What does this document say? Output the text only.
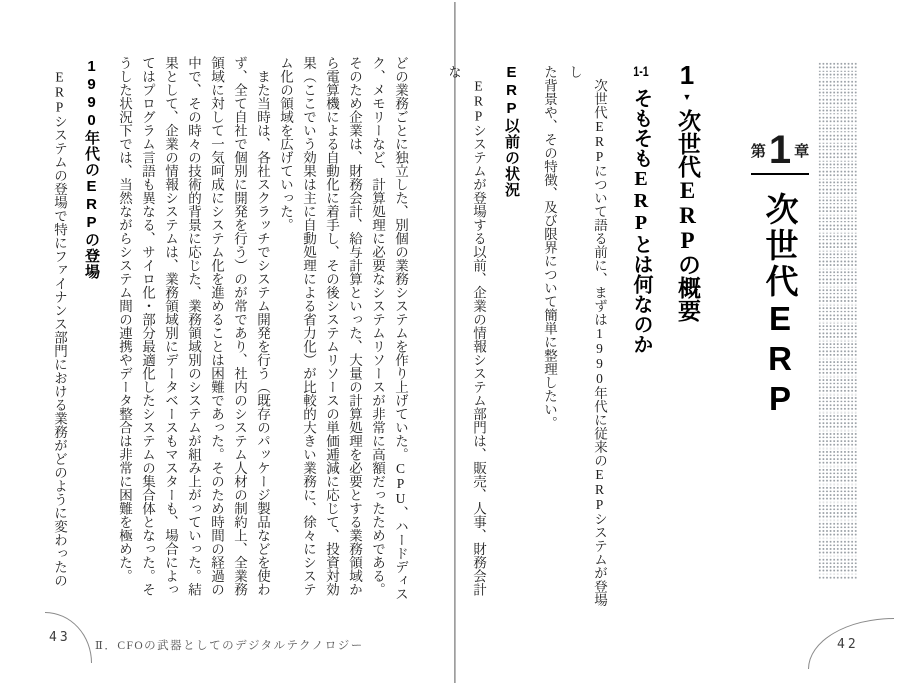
第 1 章
次世代ERP
1▼次世代ERPの概要
1-1そもそもERPとは何なのか
　次世代ERPについて語る前に、まずは1990年代に従来のERPシステムが登場し
た背景や、その特徴、及び限界について簡単に整理したい。
ERP以前の状況
　ERPシステムが登場する以前、企業の情報システム部門は、販売、人事、財務会計な
どの業務ごとに独立した、別個の業務システムを作り上げていた。CPU、ハードディス
ク、メモリーなど、計算処理に必要なシステムリソースが非常に高額だったためである。
そのため企業は、財務会計、給与計算といった、大量の計算処理を必要とする業務領域か
ら電算機による自動化に着手し、その後システムリソースの単価逓減に応じて、投資対効
果（ここでいう効果は主に自動処理による省力化）が比較的大きい業務に、徐々にシステ
ム化の領域を広げていった。
　また当時は、各社スクラッチでシステム開発を行う（既存のパッケージ製品などを使わ
ず、全て自社で個別に開発を行う）のが常であり、社内のシステム人材の制約上、全業務
領域に対して一気呵成にシステム化を進めることは困難であった。そのため時間の経過の
中で、その時々の技術的背景に応じた、業務領域別のシステムが組み上がっていった。結
果として、企業の情報システムは、業務領域別にデータベースもマスターも、場合によっ
てはプログラム言語も異なる、サイロ化・部分最適化したシステムの集合体となった。そ
うした状況下では、当然ながらシステム間の連携やデータ整合は非常に困難を極めた。
1990年代のERPの登場
　ERPシステムの登場で特にファイナンス部門における業務がどのように変わったの
43
Ⅱ．CFOの武器としてのデジタルテクノロジー	42
